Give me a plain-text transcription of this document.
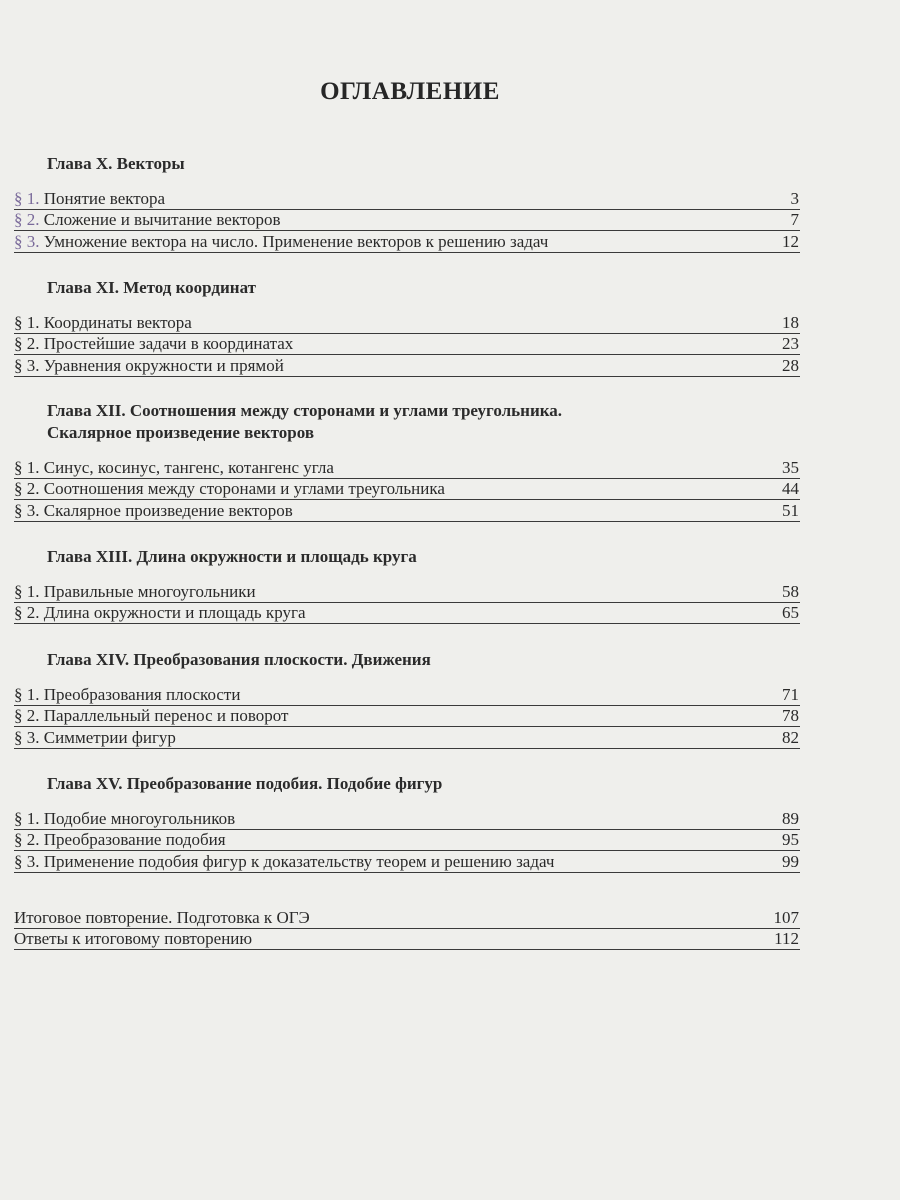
ОГЛАВЛЕНИЕ
Глава X. Векторы
§ 1. Понятие вектора	3
§ 2. Сложение и вычитание векторов	7
§ 3. Умножение вектора на число. Применение векторов к решению задач	12
Глава XI. Метод координат
§ 1. Координаты вектора	18
§ 2. Простейшие задачи в координатах	23
§ 3. Уравнения окружности и прямой	28
Глава XII. Соотношения между сторонами и углами треугольника.
Скалярное произведение векторов
§ 1. Синус, косинус, тангенс, котангенс угла	35
§ 2. Соотношения между сторонами и углами треугольника	44
§ 3. Скалярное произведение векторов	51
Глава XIII. Длина окружности и площадь круга
§ 1. Правильные многоугольники	58
§ 2. Длина окружности и площадь круга	65
Глава XIV. Преобразования плоскости. Движения
§ 1. Преобразования плоскости	71
§ 2. Параллельный перенос и поворот	78
§ 3. Симметрии фигур	82
Глава XV. Преобразование подобия. Подобие фигур
§ 1. Подобие многоугольников	89
§ 2. Преобразование подобия	95
§ 3. Применение подобия фигур к доказательству теорем и решению задач	99
Итоговое повторение. Подготовка к ОГЭ	107
Ответы к итоговому повторению	112
